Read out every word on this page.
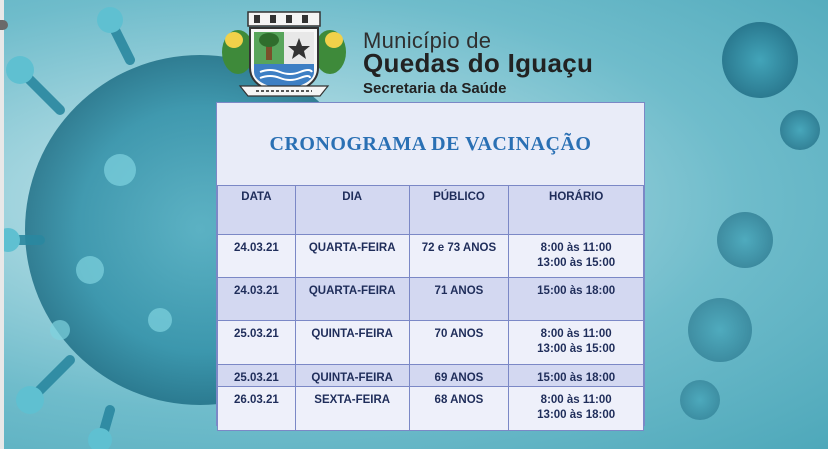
Município de
Quedas do Iguaçu
Secretaria da Saúde
CRONOGRAMA DE VACINAÇÃO
DATA	DIA	PÚBLICO	HORÁRIO
24.03.21	QUARTA-FEIRA	72 e 73 ANOS	8:00 às 11:00
13:00 às 15:00

24.03.21	QUARTA-FEIRA	71 ANOS	15:00 às 18:00

25.03.21	QUINTA-FEIRA	70 ANOS	8:00 às 11:00
13:00 às 15:00

25.03.21	QUINTA-FEIRA	69 ANOS	15:00 às 18:00

26.03.21	SEXTA-FEIRA	68 ANOS	8:00 às 11:00
13:00 às 18:00
